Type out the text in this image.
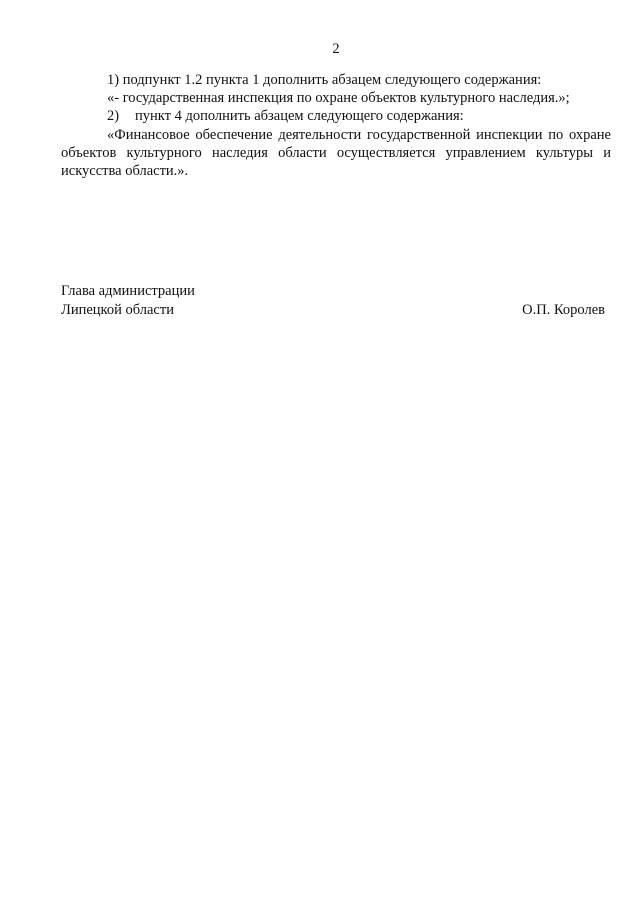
2

1) подпункт 1.2 пункта 1 дополнить абзацем следующего содержания:

«- государственная инспекция по охране объектов культурного наследия.»;

2)	пункт 4 дополнить абзацем следующего содержания:

«Финансовое обеспечение деятельности государственной инспекции по охране объектов культурного наследия области осуществляется управлением культуры и искусства области.».

Глава администрации
Липецкой области	О.П. Королев
